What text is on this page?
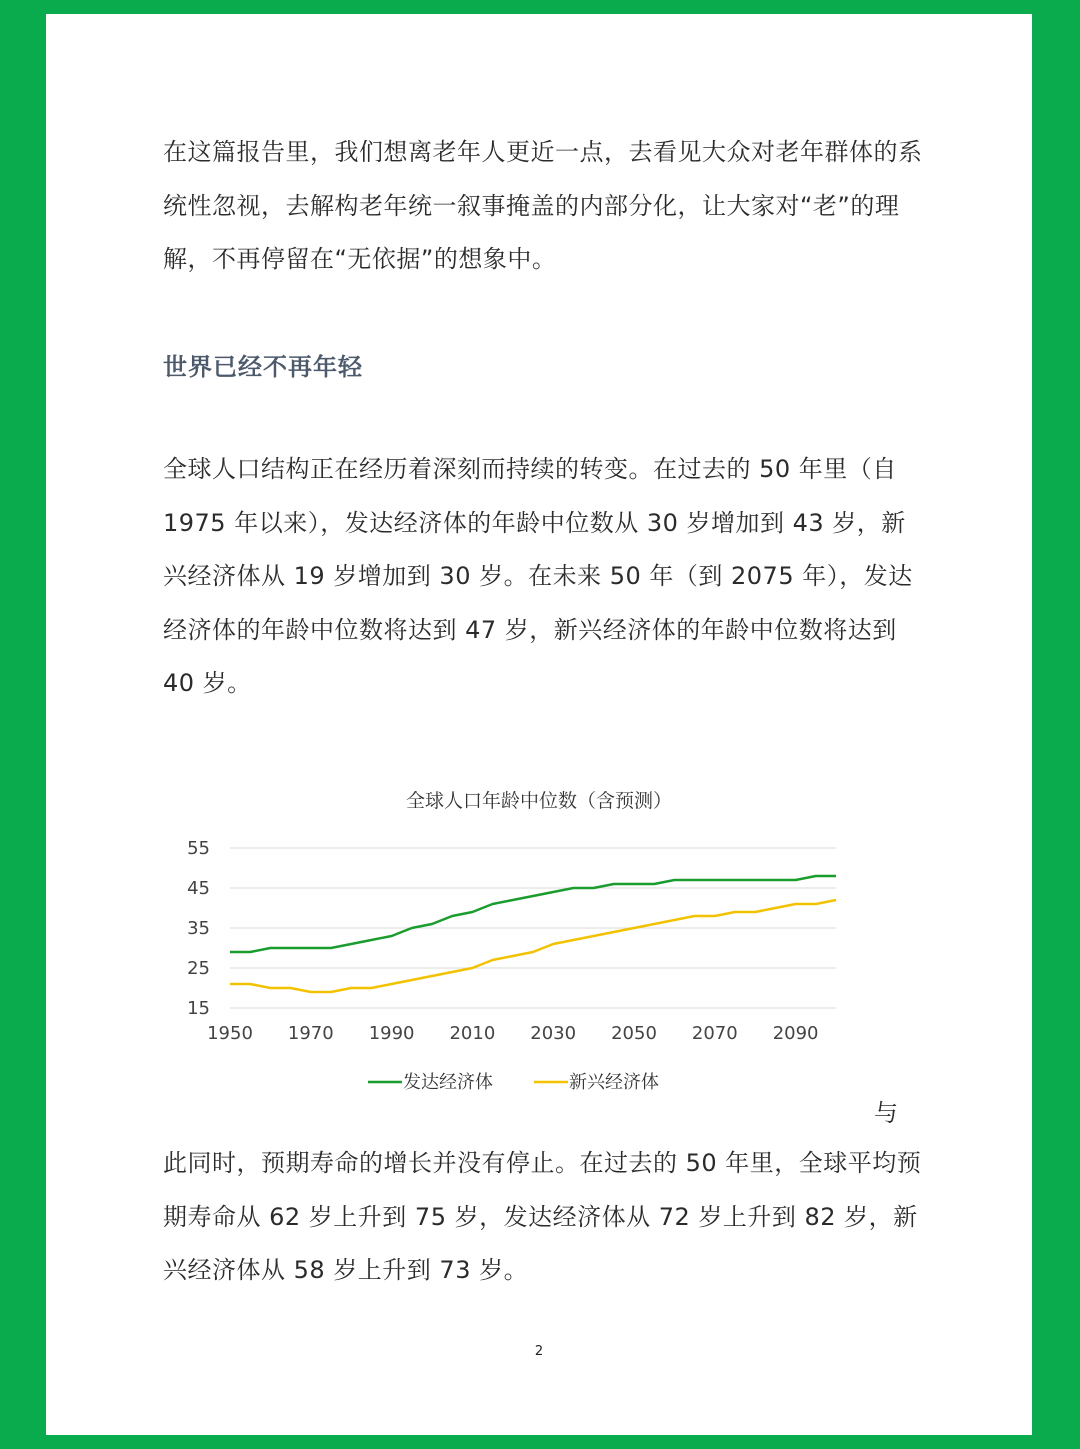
在这篇报告里，我们想离老年人更近一点，去看见大众对老年群体的系统性忽视，去解构老年统一叙事掩盖的内部分化，让大家对“老”的理解，不再停留在“无依据”的想象中。

世界已经不再年轻

全球人口结构正在经历着深刻而持续的转变。在过去的 50 年里（自 1975 年以来），发达经济体的年龄中位数从 30 岁增加到 43 岁，新兴经济体从 19 岁增加到 30 岁。在未来 50 年（到 2075 年），发达经济体的年龄中位数将达到 47 岁，新兴经济体的年龄中位数将达到 40 岁。

全球人口年龄中位数（含预测）
55
45
35
25
15
1950 1970 1990 2010 2030 2050 2070 2090
发达经济体	新兴经济体
与

此同时，预期寿命的增长并没有停止。在过去的 50 年里，全球平均预期寿命从 62 岁上升到 75 岁，发达经济体从 72 岁上升到 82 岁，新兴经济体从 58 岁上升到 73 岁。

2
